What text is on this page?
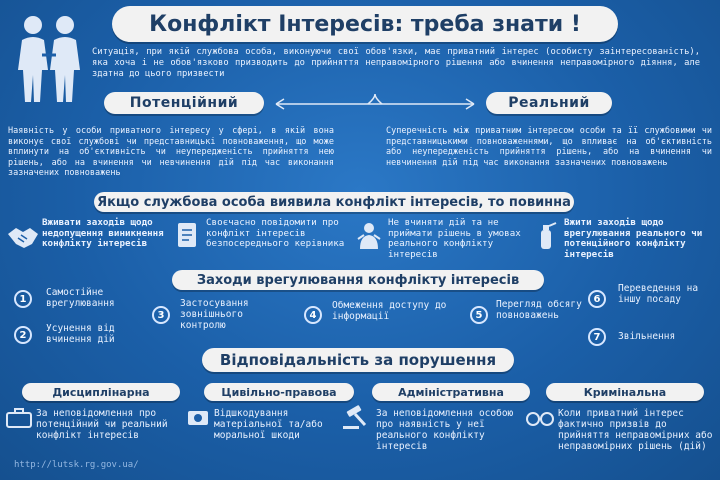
Конфлікт Інтересів: треба знати !
Ситуація, при якій службова особа, виконуючи свої обов'язки, має приватний інтерес (особисту заінтересованість), яка хоча і не обов'язково призводить до прийняття неправомірного рішення або вчинення неправомірного діяння, але здатна до цього призвести
Потенційний	Реальний
Наявність у особи приватного інтересу у сфері, в якій вона виконує свої службові чи представницькі повноваження, що може вплинути на об'єктивність чи неупередженість прийняття нею рішень, або на вчинення чи невчинення дій під час виконання зазначених повноважень
Суперечність між приватним інтересом особи та її службовими чи представницькими повноваженнями, що впливає на об'єктивність або неупередженість прийняття рішень, або на вчинення чи невчинення дій під час виконання зазначених повноважень
Якщо службова особа виявила конфлікт інтересів, то повинна
Вживати заходів щодо недопущення виникнення конфлікту інтересів
Своєчасно повідомити про конфлікт інтересів безпосереднього керівника
Не вчиняти дій та не приймати рішень в умовах реального конфлікту інтересів
Вжити заходів щодо врегулювання реального чи потенційного конфлікту інтересів
Заходи врегулювання конфлікту інтересів
1
Самостійне врегулювання
2
Усунення від вчинення дій
3
Застосування зовнішнього контролю
4
Обмеження доступу до інформації	5
Перегляд обсягу повноважень
6
Переведення на іншу посаду
7	Звільнення
Відповідальність за порушення
Дисциплінарна	Цивільно-правова	Адміністративна	Кримінальна
За неповідомлення про потенційний чи реальний конфлікт інтересів
Відшкодування матеріальної та/або моральної шкоди
За неповідомлення особою про наявність у неї реального конфлікту інтересів
Коли приватний інтерес фактично призвів до прийняття неправомірних або неправомірних рішень (дій)
http://lutsk.rg.gov.ua/
